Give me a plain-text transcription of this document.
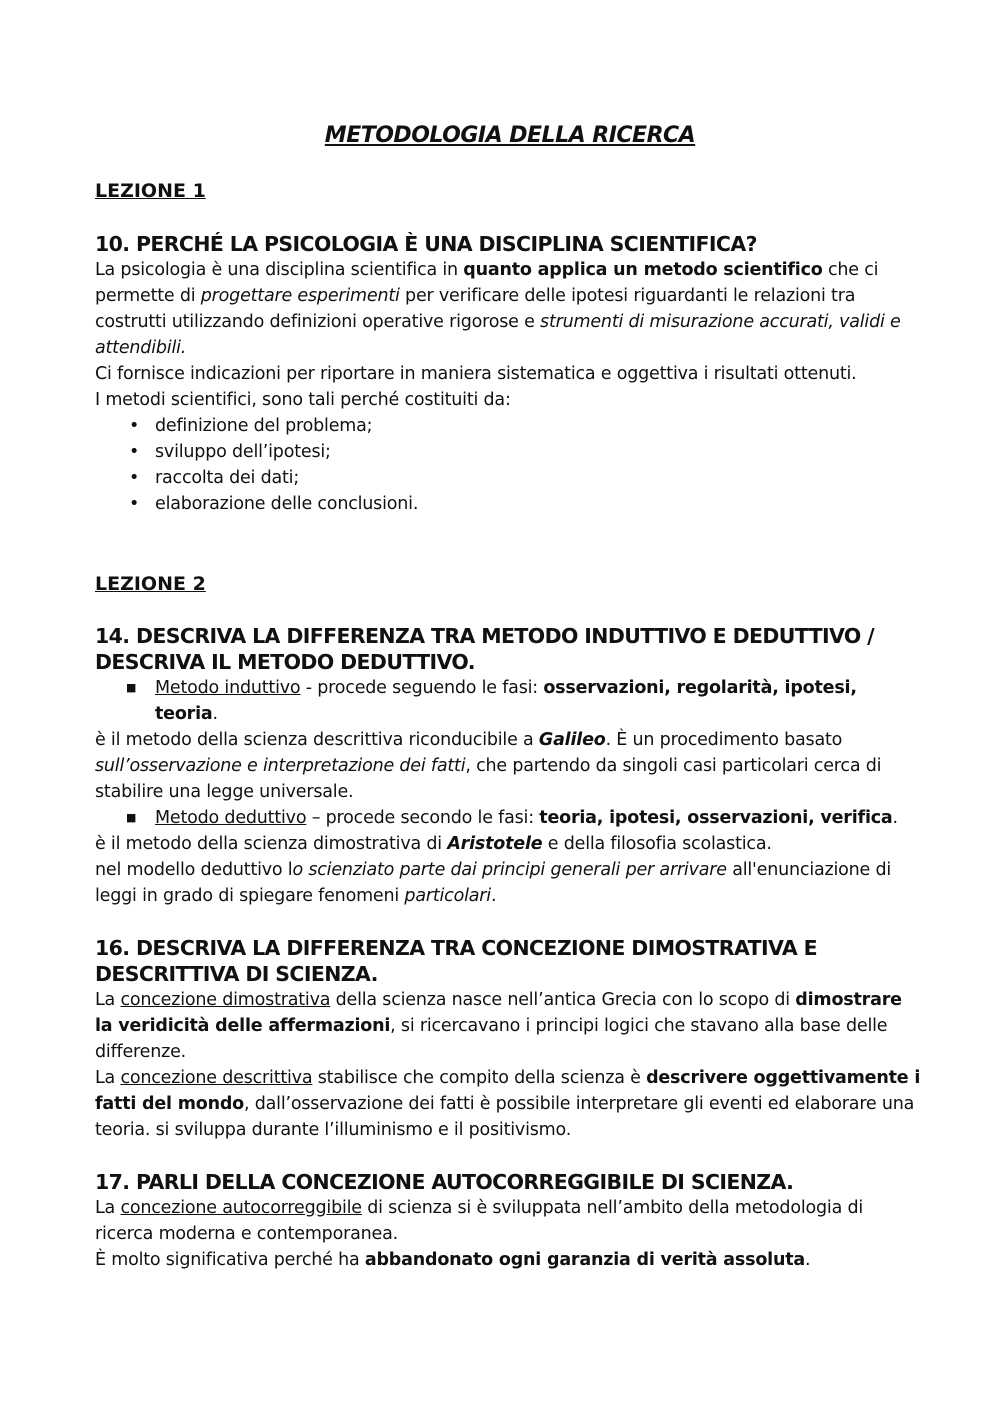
METODOLOGIA DELLA RICERCA
LEZIONE 1
10. PERCHÉ LA PSICOLOGIA È UNA DISCIPLINA SCIENTIFICA?

La psicologia è una disciplina scientifica in quanto applica un metodo scientifico che ci permette di progettare esperimenti per verificare delle ipotesi riguardanti le relazioni tra costrutti utilizzando definizioni operative rigorose e strumenti di misurazione accurati, validi e attendibili.

Ci fornisce indicazioni per riportare in maniera sistematica e oggettiva i risultati ottenuti.

I metodi scientifici, sono tali perché costituiti da:

• definizione del problema;
• sviluppo dell’ipotesi;
• raccolta dei dati;
• elaborazione delle conclusioni.
LEZIONE 2
14. DESCRIVA LA DIFFERENZA TRA METODO INDUTTIVO E DEDUTTIVO / DESCRIVA IL METODO DEDUTTIVO.
■ Metodo induttivo - procede seguendo le fasi: osservazioni, regolarità, ipotesi, teoria.

è il metodo della scienza descrittiva riconducibile a Galileo. È un procedimento basato sull’osservazione e interpretazione dei fatti, che partendo da singoli casi particolari cerca di stabilire una legge universale.

■ Metodo deduttivo – procede secondo le fasi: teoria, ipotesi, osservazioni, verifica.

è il metodo della scienza dimostrativa di Aristotele e della filosofia scolastica.

nel modello deduttivo lo scienziato parte dai principi generali per arrivare all'enunciazione di leggi in grado di spiegare fenomeni particolari.

16. DESCRIVA LA DIFFERENZA TRA CONCEZIONE DIMOSTRATIVA E DESCRITTIVA DI SCIENZA.

La concezione dimostrativa della scienza nasce nell’antica Grecia con lo scopo di dimostrare la veridicità delle affermazioni, si ricercavano i principi logici che stavano alla base delle differenze.

La concezione descrittiva stabilisce che compito della scienza è descrivere oggettivamente i fatti del mondo, dall’osservazione dei fatti è possibile interpretare gli eventi ed elaborare una teoria. si sviluppa durante l’illuminismo e il positivismo.

17. PARLI DELLA CONCEZIONE AUTOCORREGGIBILE DI SCIENZA.

La concezione autocorreggibile di scienza si è sviluppata nell’ambito della metodologia di ricerca moderna e contemporanea.

È molto significativa perché ha abbandonato ogni garanzia di verità assoluta.
